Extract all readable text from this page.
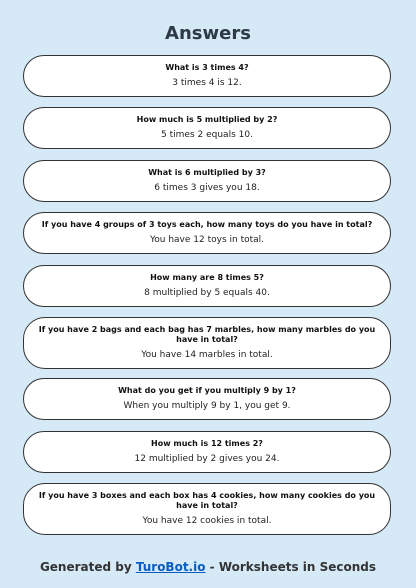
Answers
What is 3 times 4?
3 times 4 is 12.
How much is 5 multiplied by 2?
5 times 2 equals 10.
What is 6 multiplied by 3?
6 times 3 gives you 18.
If you have 4 groups of 3 toys each, how many toys do you have in total?
You have 12 toys in total.
How many are 8 times 5?
8 multiplied by 5 equals 40.
If you have 2 bags and each bag has 7 marbles, how many marbles do you have in total?
You have 14 marbles in total.
What do you get if you multiply 9 by 1?
When you multiply 9 by 1, you get 9.
How much is 12 times 2?
12 multiplied by 2 gives you 24.
If you have 3 boxes and each box has 4 cookies, how many cookies do you have in total?
You have 12 cookies in total.
Generated by TuroBot.io - Worksheets in Seconds
